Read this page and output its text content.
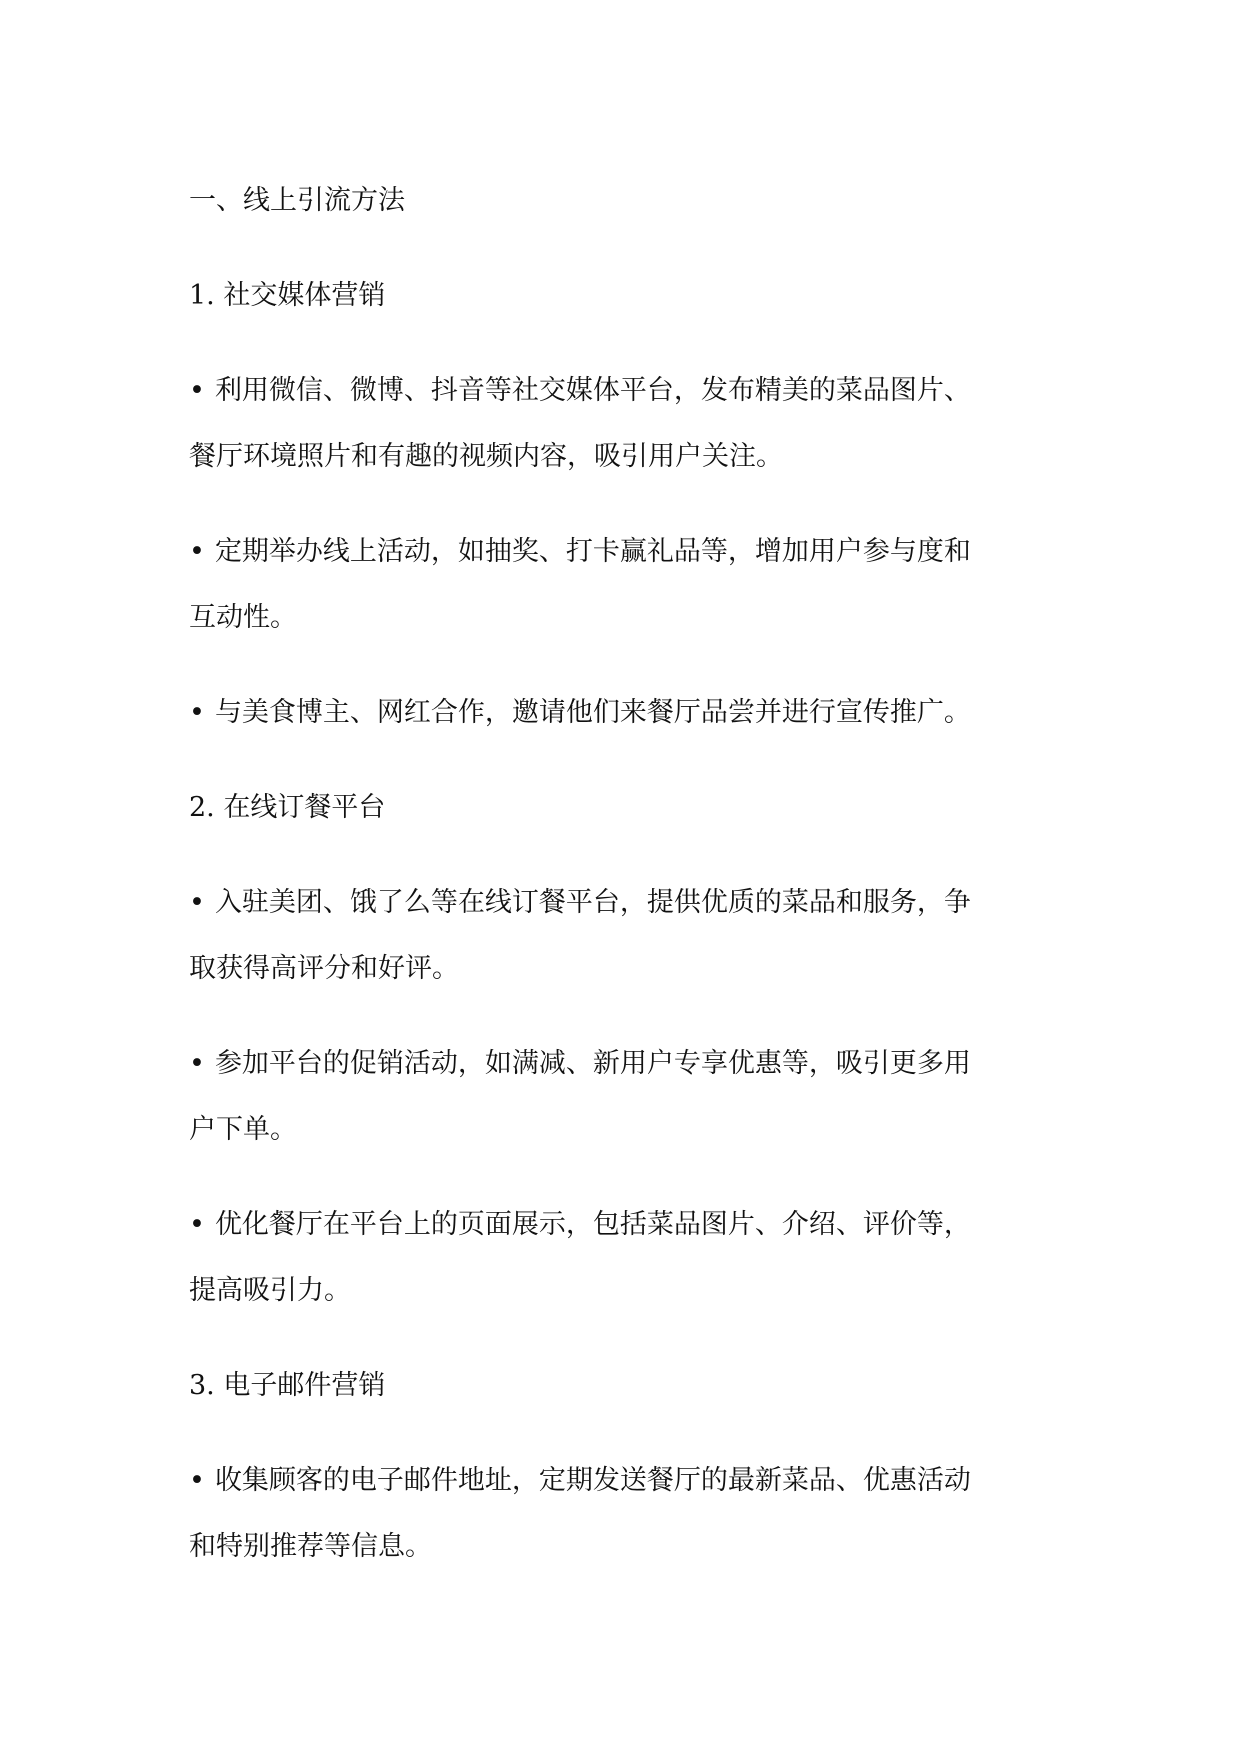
一、线上引流方法

1. 社交媒体营销

• 利用微信、微博、抖音等社交媒体平台，发布精美的菜品图片、

餐厅环境照片和有趣的视频内容，吸引用户关注。

• 定期举办线上活动，如抽奖、打卡赢礼品等，增加用户参与度和

互动性。

• 与美食博主、网红合作，邀请他们来餐厅品尝并进行宣传推广。

2. 在线订餐平台

• 入驻美团、饿了么等在线订餐平台，提供优质的菜品和服务，争

取获得高评分和好评。

• 参加平台的促销活动，如满减、新用户专享优惠等，吸引更多用

户下单。

• 优化餐厅在平台上的页面展示，包括菜品图片、介绍、评价等，

提高吸引力。

3. 电子邮件营销

• 收集顾客的电子邮件地址，定期发送餐厅的最新菜品、优惠活动

和特别推荐等信息。
